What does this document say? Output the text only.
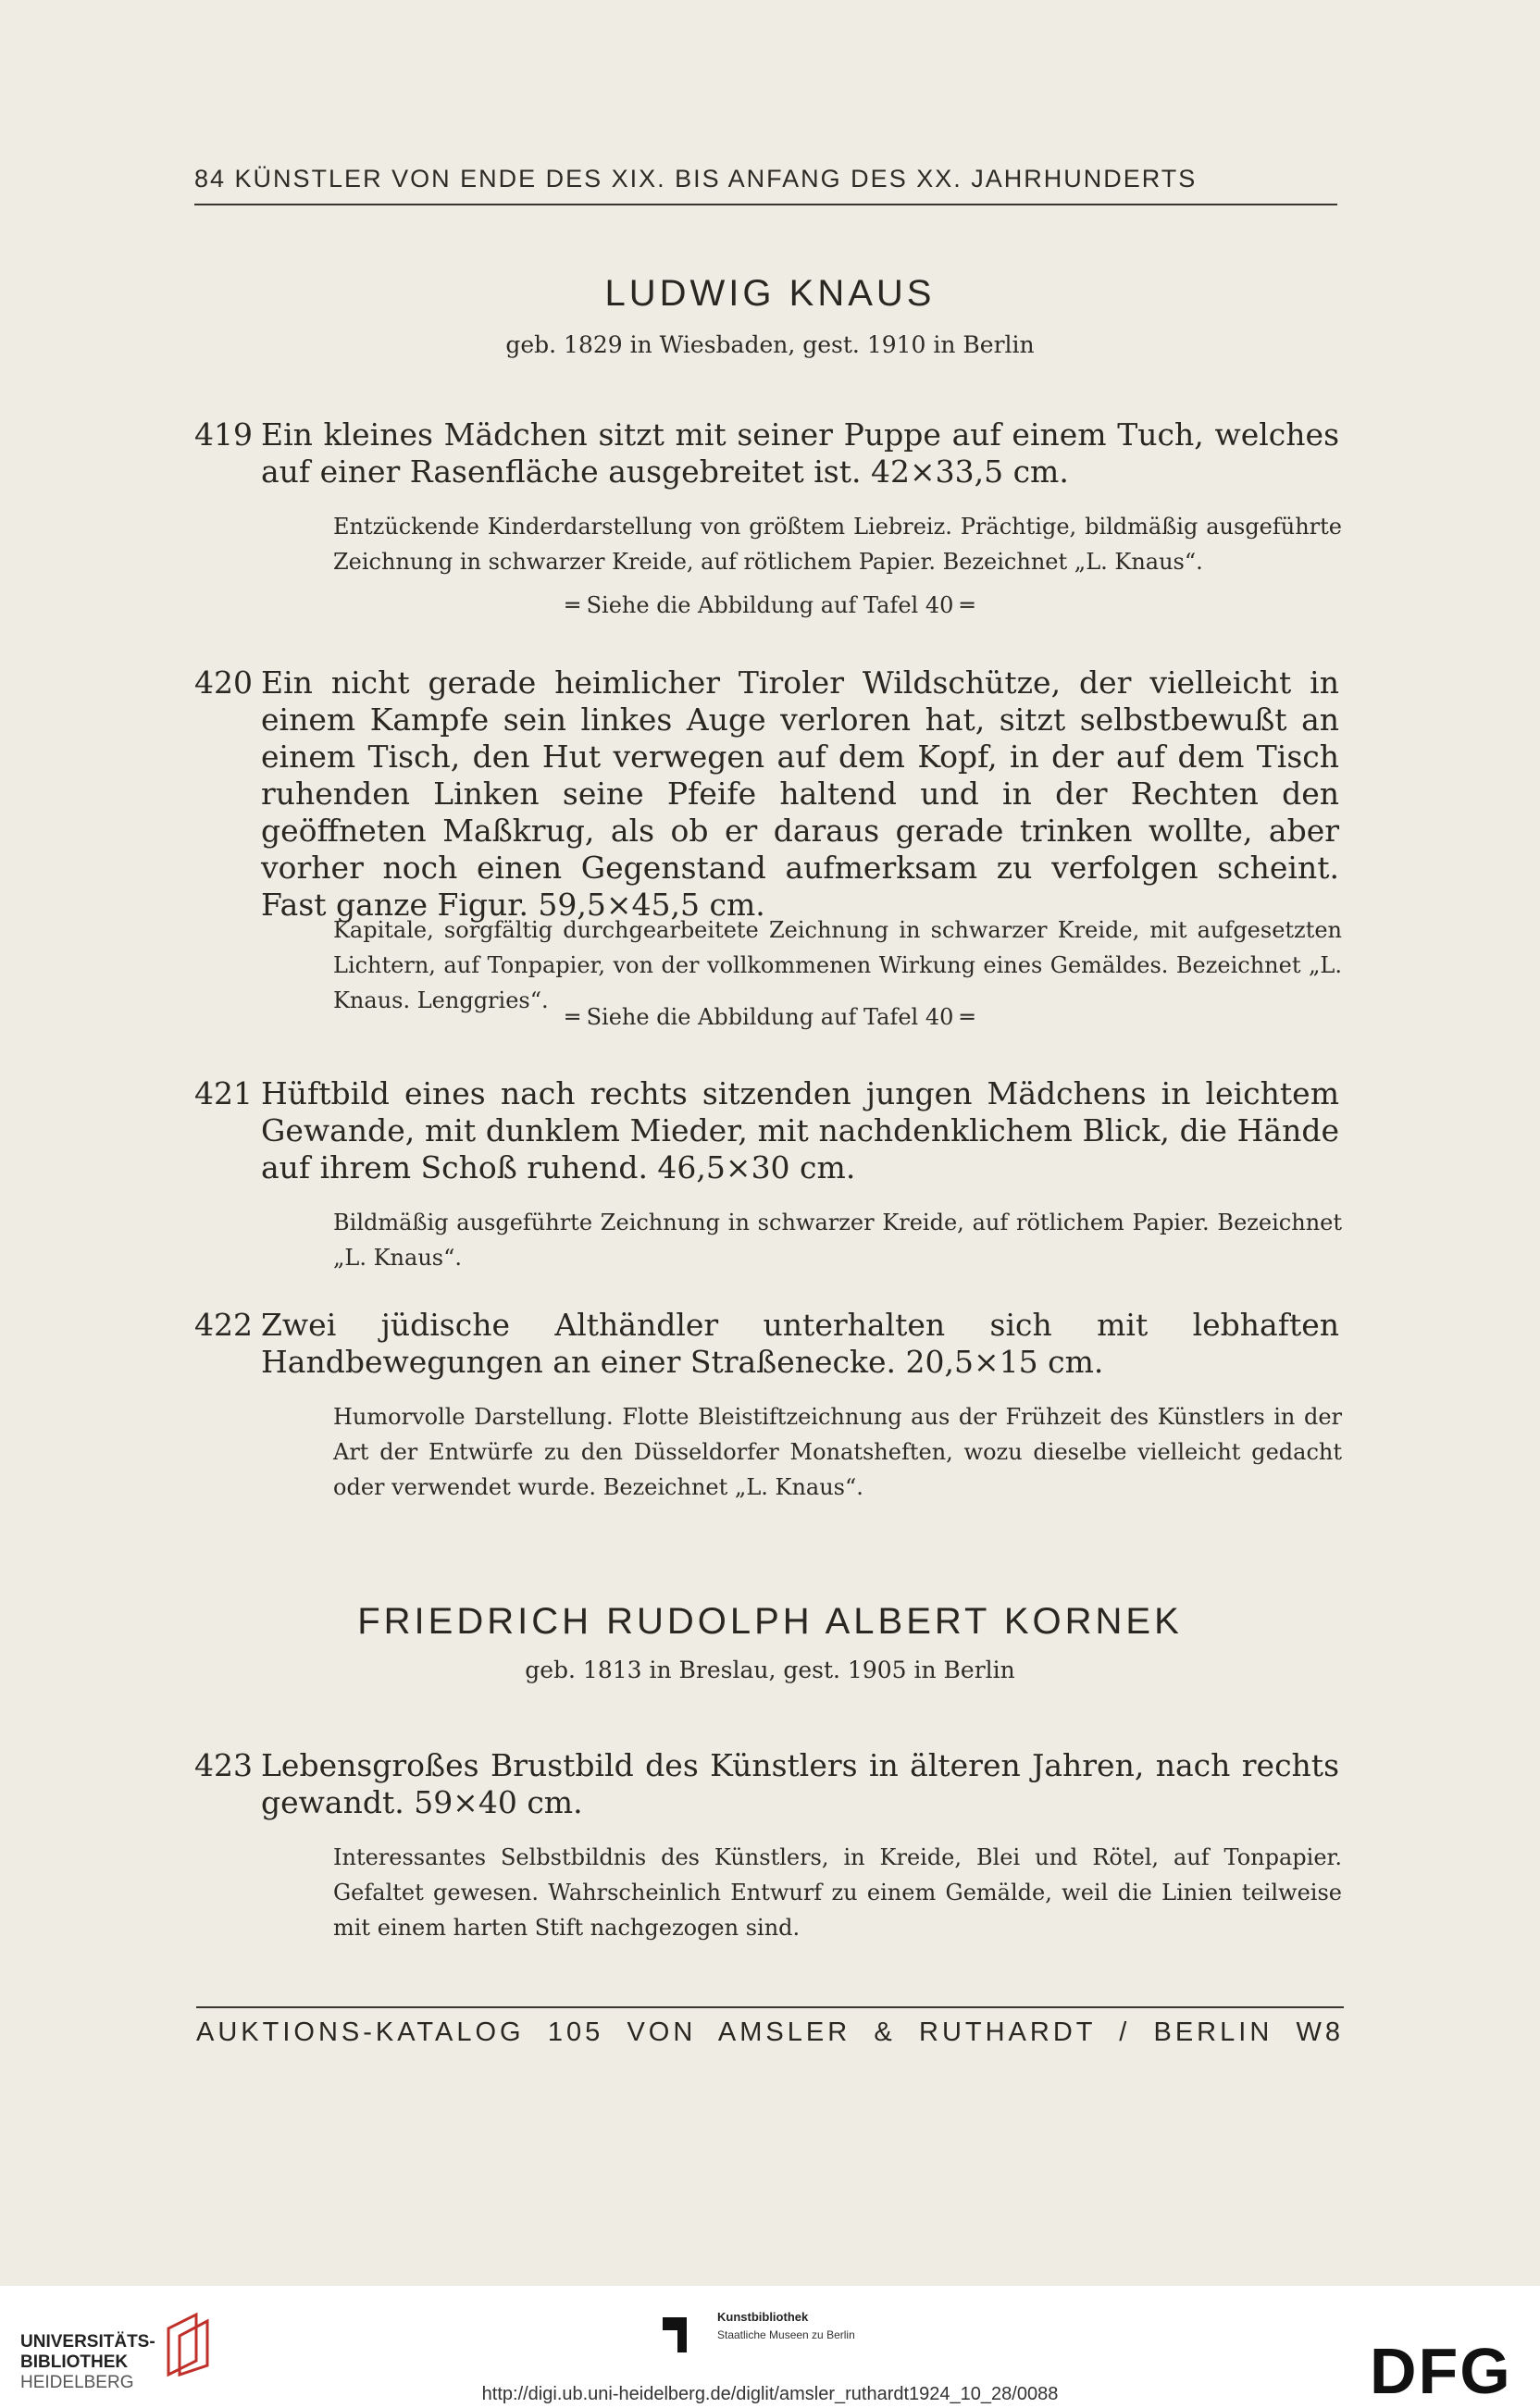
84 KÜNSTLER VON ENDE DES XIX. BIS ANFANG DES XX. JAHRHUNDERTS
LUDWIG KNAUS
geb. 1829 in Wiesbaden, gest. 1910 in Berlin
419 Ein kleines Mädchen sitzt mit seiner Puppe auf einem Tuch, welches auf einer Rasenfläche ausgebreitet ist. 42×33,5 cm.
Entzückende Kinderdarstellung von größtem Liebreiz. Prächtige, bildmäßig ausgeführte Zeichnung in schwarzer Kreide, auf rötlichem Papier. Bezeichnet „L. Knaus“.
═ Siehe die Abbildung auf Tafel 40 ═
420 Ein nicht gerade heimlicher Tiroler Wildschütze, der vielleicht in einem Kampfe sein linkes Auge verloren hat, sitzt selbstbewußt an einem Tisch, den Hut verwegen auf dem Kopf, in der auf dem Tisch ruhenden Linken seine Pfeife haltend und in der Rechten den geöffneten Maßkrug, als ob er daraus gerade trinken wollte, aber vorher noch einen Gegenstand aufmerksam zu verfolgen scheint. Fast ganze Figur. 59,5×45,5 cm.
Kapitale, sorgfältig durchgearbeitete Zeichnung in schwarzer Kreide, mit aufgesetzten Lichtern, auf Tonpapier, von der vollkommenen Wirkung eines Gemäldes. Bezeichnet „L. Knaus. Lenggries“.
═ Siehe die Abbildung auf Tafel 40 ═
421 Hüftbild eines nach rechts sitzenden jungen Mädchens in leichtem Gewande, mit dunklem Mieder, mit nachdenklichem Blick, die Hände auf ihrem Schoß ruhend. 46,5×30 cm.
Bildmäßig ausgeführte Zeichnung in schwarzer Kreide, auf rötlichem Papier. Bezeichnet „L. Knaus“.
422 Zwei jüdische Althändler unterhalten sich mit lebhaften Handbewegungen an einer Straßenecke. 20,5×15 cm.
Humorvolle Darstellung. Flotte Bleistiftzeichnung aus der Frühzeit des Künstlers in der Art der Entwürfe zu den Düsseldorfer Monatsheften, wozu dieselbe vielleicht gedacht oder verwendet wurde. Bezeichnet „L. Knaus“.
FRIEDRICH RUDOLPH ALBERT KORNEK
geb. 1813 in Breslau, gest. 1905 in Berlin
423 Lebensgroßes Brustbild des Künstlers in älteren Jahren, nach rechts gewandt. 59×40 cm.
Interessantes Selbstbildnis des Künstlers, in Kreide, Blei und Rötel, auf Tonpapier. Gefaltet gewesen. Wahrscheinlich Entwurf zu einem Gemälde, weil die Linien teilweise mit einem harten Stift nachgezogen sind.
AUKTIONS-KATALOG 105 VON AMSLER & RUTHARDT / BERLIN W8
UNIVERSITÄTS-
BIBLIOTHEK
HEIDELBERG
Kunstbibliothek
Staatliche Museen zu Berlin	DFG
http://digi.ub.uni-heidelberg.de/diglit/amsler_ruthardt1924_10_28/0088
